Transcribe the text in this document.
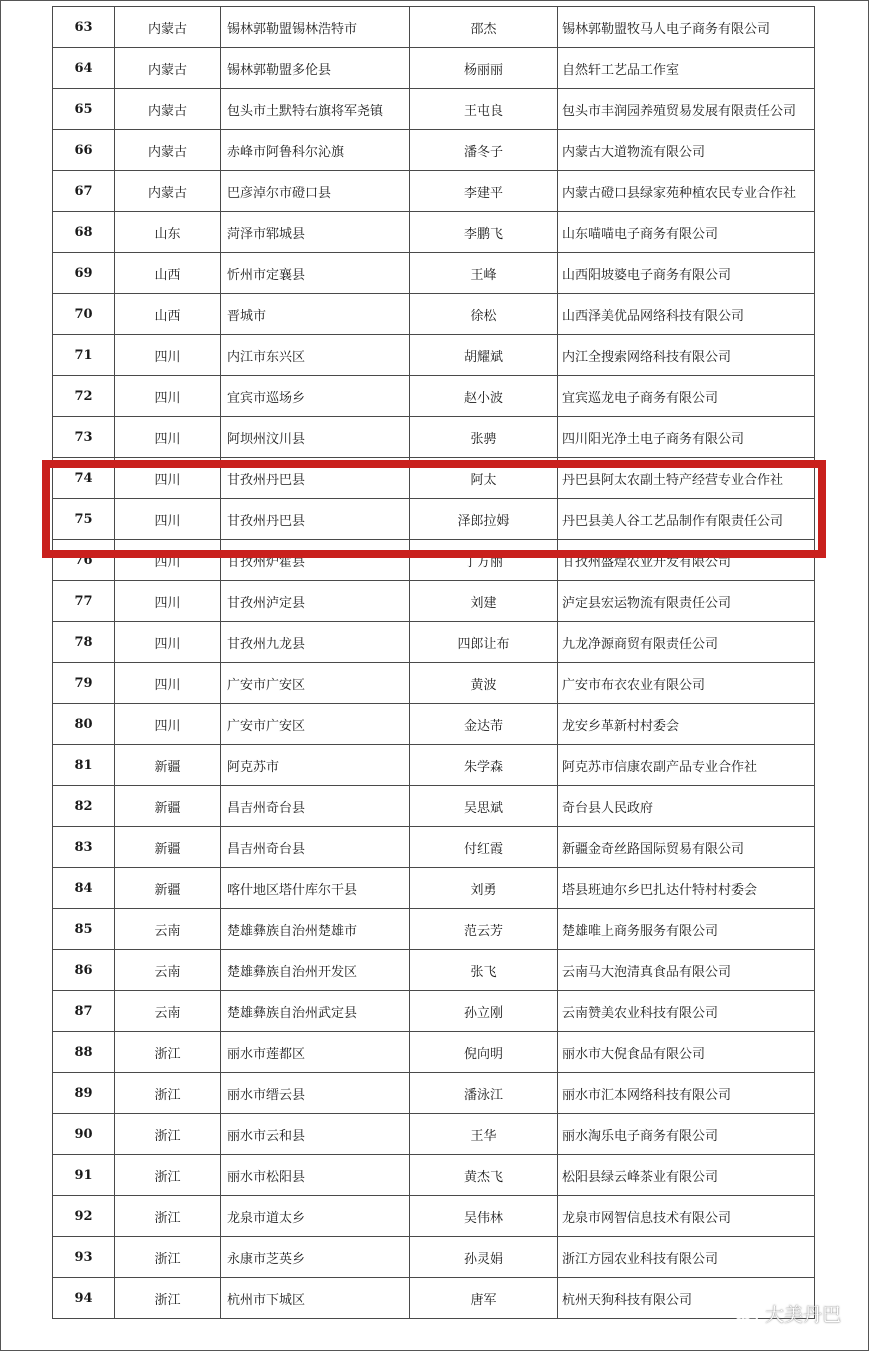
63	内蒙古	锡林郭勒盟锡林浩特市	邵杰	锡林郭勒盟牧马人电子商务有限公司
64	内蒙古	锡林郭勒盟多伦县	杨丽丽	自然轩工艺品工作室
65	内蒙古	包头市土默特右旗将军尧镇	王屯良	包头市丰润园养殖贸易发展有限责任公司
66	内蒙古	赤峰市阿鲁科尔沁旗	潘冬子	内蒙古大道物流有限公司
67	内蒙古	巴彦淖尔市磴口县	李建平	内蒙古磴口县绿家苑种植农民专业合作社
68	山东	菏泽市郓城县	李鹏飞	山东喵喵电子商务有限公司
69	山西	忻州市定襄县	王峰	山西阳坡婆电子商务有限公司
70	山西	晋城市	徐松	山西泽美优品网络科技有限公司
71	四川	内江市东兴区	胡耀斌	内江全搜索网络科技有限公司
72	四川	宜宾市巡场乡	赵小波	宜宾巡龙电子商务有限公司
73	四川	阿坝州汶川县	张骋	四川阳光净土电子商务有限公司
74	四川	甘孜州丹巴县	阿太	丹巴县阿太农副土特产经营专业合作社
75	四川	甘孜州丹巴县	泽郎拉姆	丹巴县美人谷工艺品制作有限责任公司
76	四川	甘孜州炉霍县	丁方丽	甘孜州盛煌农业开发有限公司
77	四川	甘孜州泸定县	刘建	泸定县宏运物流有限责任公司
78	四川	甘孜州九龙县	四郎让布	九龙净源商贸有限责任公司
79	四川	广安市广安区	黄波	广安市布衣农业有限公司
80	四川	广安市广安区	金达芾	龙安乡革新村村委会
81	新疆	阿克苏市	朱学森	阿克苏市信康农副产品专业合作社
82	新疆	昌吉州奇台县	吴思斌	奇台县人民政府
83	新疆	昌吉州奇台县	付红霞	新疆金奇丝路国际贸易有限公司
84	新疆	喀什地区塔什库尔干县	刘勇	塔县班迪尔乡巴扎达什特村村委会
85	云南	楚雄彝族自治州楚雄市	范云芳	楚雄唯上商务服务有限公司
86	云南	楚雄彝族自治州开发区	张飞	云南马大泡清真食品有限公司
87	云南	楚雄彝族自治州武定县	孙立刚	云南赞美农业科技有限公司
88	浙江	丽水市莲都区	倪向明	丽水市大倪食品有限公司
89	浙江	丽水市缙云县	潘泳江	丽水市汇本网络科技有限公司
90	浙江	丽水市云和县	王华	丽水淘乐电子商务有限公司
91	浙江	丽水市松阳县	黄杰飞	松阳县绿云峰茶业有限公司
92	浙江	龙泉市道太乡	吴伟林	龙泉市网智信息技术有限公司
93	浙江	永康市芝英乡	孙灵娟	浙江方园农业科技有限公司
94	浙江	杭州市下城区	唐军	杭州天狗科技有限公司
大美丹巴
